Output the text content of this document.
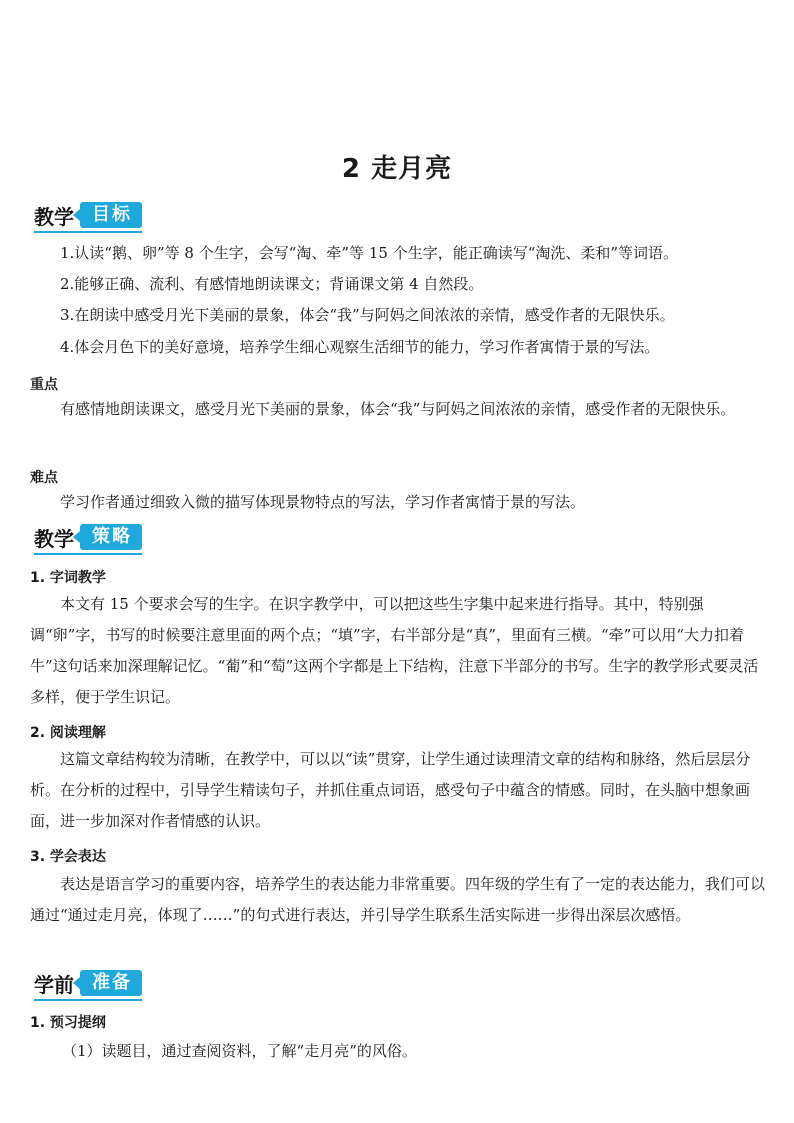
2 走月亮
教学	目标
1.认读“鹅、卵”等 8 个生字，会写“淘、牵”等 15 个生字，能正确读写“淘洗、柔和”等词语。
2.能够正确、流利、有感情地朗读课文；背诵课文第 4 自然段。
3.在朗读中感受月光下美丽的景象，体会“我”与阿妈之间浓浓的亲情，感受作者的无限快乐。
4.体会月色下的美好意境，培养学生细心观察生活细节的能力，学习作者寓情于景的写法。
重点
有感情地朗读课文，感受月光下美丽的景象，体会“我”与阿妈之间浓浓的亲情，感受作者的无限快乐。
难点
学习作者通过细致入微的描写体现景物特点的写法，学习作者寓情于景的写法。
教学	策略
1. 字词教学
本文有 15 个要求会写的生字。在识字教学中，可以把这些生字集中起来进行指导。其中，特别强调“卵”字，书写的时候要注意里面的两个点；“填”字，右半部分是“真”，里面有三横。“牵”可以用“大力扣着牛”这句话来加深理解记忆。“葡”和“萄”这两个字都是上下结构，注意下半部分的书写。生字的教学形式要灵活多样，便于学生识记。
2. 阅读理解
这篇文章结构较为清晰，在教学中，可以以“读”贯穿，让学生通过读理清文章的结构和脉络，然后层层分析。在分析的过程中，引导学生精读句子，并抓住重点词语，感受句子中蕴含的情感。同时，在头脑中想象画面，进一步加深对作者情感的认识。
3. 学会表达
表达是语言学习的重要内容，培养学生的表达能力非常重要。四年级的学生有了一定的表达能力，我们可以通过“通过走月亮，体现了……”的句式进行表达，并引导学生联系生活实际进一步得出深层次感悟。
学前	准备
1. 预习提纲
（1）读题目，通过查阅资料，了解“走月亮”的风俗。
